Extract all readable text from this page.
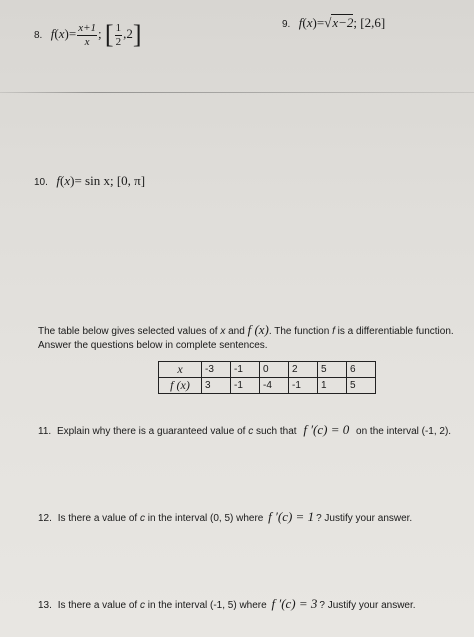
8. $f(x)= \frac{x+1}{x}$ ; [ $\frac{1}{2} ,2$]	9. f(x)=√x−2; [2,6]
10. f(x)= sin x; [0, π]
The table below gives selected values of x and f (x). The function f is a differentiable function.
Answer the questions below in complete sentences.
x	-3	-1	0	2	5	6
f (x)	3	-1	-4	-1	1	5
11. Explain why there is a guaranteed value of c such that f ′(c) = 0 on the interval (-1, 2).
12. Is there a value of c in the interval (0, 5) where f ′(c) = 1 ? Justify your answer.
13. Is there a value of c in the interval (-1, 5) where f ′(c) = 3 ? Justify your answer.
